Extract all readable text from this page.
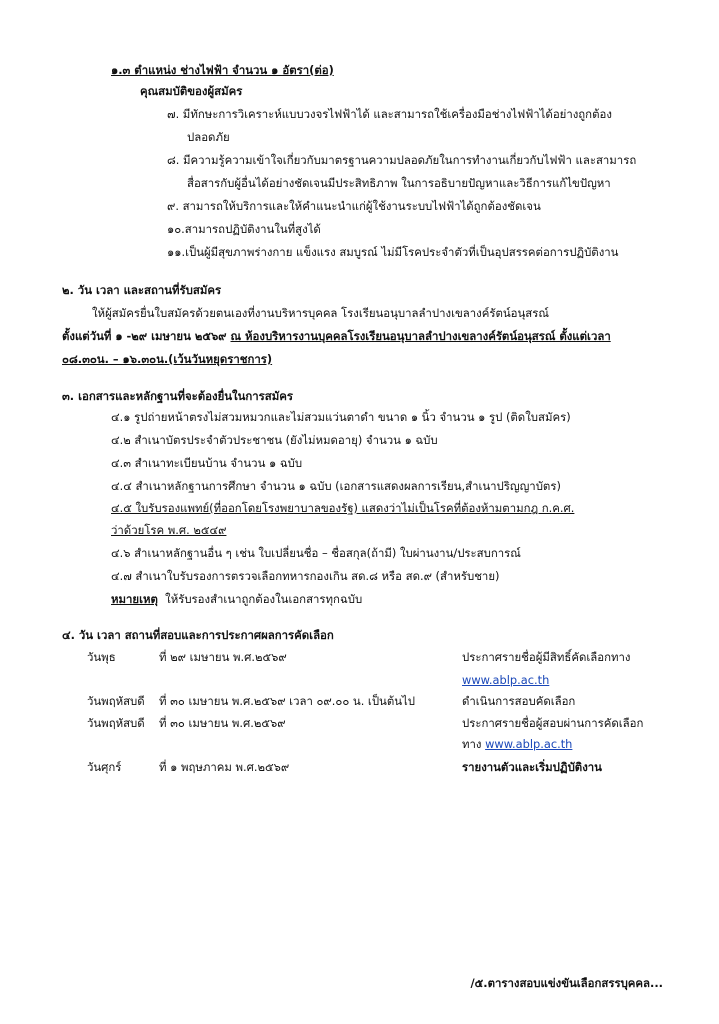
๑.๓ ตำแหน่ง ช่างไฟฟ้า จำนวน ๑ อัตรา(ต่อ)
คุณสมบัติของผู้สมัคร
๗. มีทักษะการวิเคราะห์แบบวงจรไฟฟ้าได้ และสามารถใช้เครื่องมือช่างไฟฟ้าได้อย่างถูกต้อง
ปลอดภัย
๘. มีความรู้ความเข้าใจเกี่ยวกับมาตรฐานความปลอดภัยในการทำงานเกี่ยวกับไฟฟ้า และสามารถ
สื่อสารกับผู้อื่นได้อย่างชัดเจนมีประสิทธิภาพ ในการอธิบายปัญหาและวิธีการแก้ไขปัญหา
๙. สามารถให้บริการและให้คำแนะนำแก่ผู้ใช้งานระบบไฟฟ้าได้ถูกต้องชัดเจน
๑๐.สามารถปฏิบัติงานในที่สูงได้
๑๑.เป็นผู้มีสุขภาพร่างกาย แข็งแรง สมบูรณ์ ไม่มีโรคประจำตัวที่เป็นอุปสรรคต่อการปฏิบัติงาน
๒. วัน เวลา และสถานที่รับสมัคร
ให้ผู้สมัครยื่นใบสมัครด้วยตนเองที่งานบริหารบุคคล โรงเรียนอนุบาลลำปางเขลางค์รัตน์อนุสรณ์
ตั้งแต่วันที่ ๑ -๒๙ เมษายน ๒๕๖๙ ณ ห้องบริหารงานบุคคลโรงเรียนอนุบาลลำปางเขลางค์รัตน์อนุสรณ์ ตั้งแต่เวลา
๐๘.๓๐น. – ๑๖.๓๐น.(เว้นวันหยุดราชการ)
๓. เอกสารและหลักฐานที่จะต้องยื่นในการสมัคร
๔.๑ รูปถ่ายหน้าตรงไม่สวมหมวกและไม่สวมแว่นตาดำ ขนาด ๑ นิ้ว จำนวน ๑ รูป (ติดใบสมัคร)
๔.๒ สำเนาบัตรประจำตัวประชาชน (ยังไม่หมดอายุ) จำนวน ๑ ฉบับ
๔.๓ สำเนาทะเบียนบ้าน จำนวน ๑ ฉบับ
๔.๔ สำเนาหลักฐานการศึกษา จำนวน ๑ ฉบับ (เอกสารแสดงผลการเรียน,สำเนาปริญญาบัตร)
๔.๕ ใบรับรองแพทย์(ที่ออกโดยโรงพยาบาลของรัฐ) แสดงว่าไม่เป็นโรคที่ต้องห้ามตามกฎ ก.ค.ศ.
ว่าด้วยโรค พ.ศ. ๒๕๔๙
๔.๖ สำเนาหลักฐานอื่น ๆ เช่น ใบเปลี่ยนชื่อ – ชื่อสกุล(ถ้ามี) ใบผ่านงาน/ประสบการณ์
๔.๗ สำเนาใบรับรองการตรวจเลือกทหารกองเกิน สด.๘ หรือ สด.๙ (สำหรับชาย)
หมายเหตุ ให้รับรองสำเนาถูกต้องในเอกสารทุกฉบับ
๔. วัน เวลา สถานที่สอบและการประกาศผลการคัดเลือก
วันพุธ	ที่ ๒๙ เมษายน พ.ศ.๒๕๖๙	ประกาศรายชื่อผู้มีสิทธิ์คัดเลือกทาง
www.ablp.ac.th
วันพฤหัสบดี ที่ ๓๐ เมษายน พ.ศ.๒๕๖๙ เวลา ๐๙.๐๐ น. เป็นต้นไป	ดำเนินการสอบคัดเลือก
วันพฤหัสบดี ที่ ๓๐ เมษายน พ.ศ.๒๕๖๙	ประกาศรายชื่อผู้สอบผ่านการคัดเลือก
ทาง www.ablp.ac.th
วันศุกร์	ที่ ๑ พฤษภาคม พ.ศ.๒๕๖๙	รายงานตัวและเริ่มปฏิบัติงาน
/๕.ตารางสอบแข่งขันเลือกสรรบุคคล...
